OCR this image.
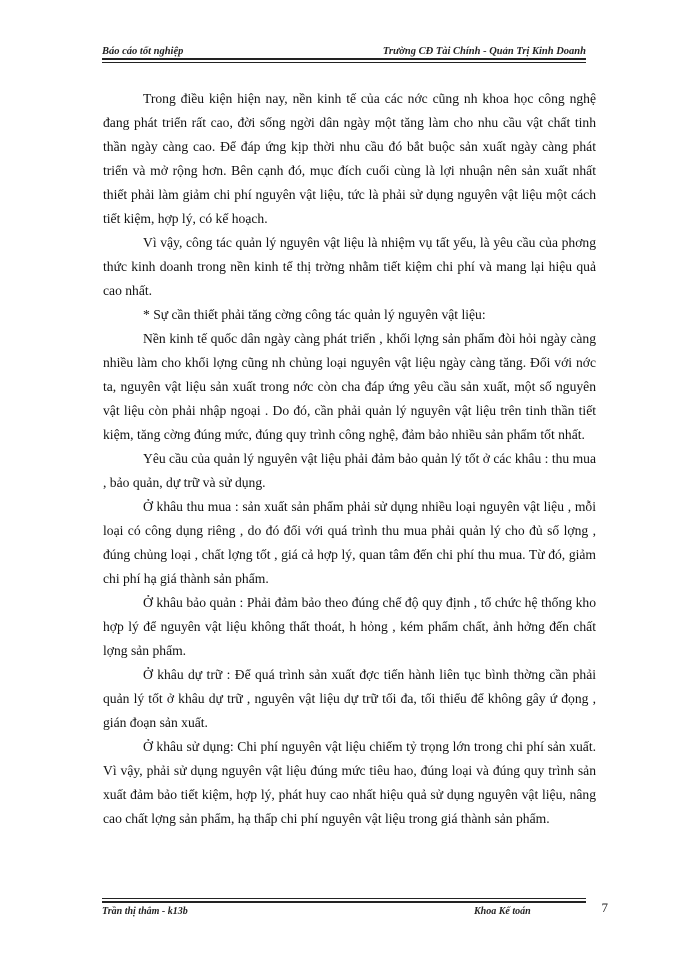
Báo cáo tốt nghiệp	Trường CĐ Tài Chính - Quản Trị Kinh Doanh

Trong điều kiện hiện nay, nền kinh tế của các nớc cũng nh khoa học công nghệ đang phát triển rất cao, đời sống ngời dân ngày một tăng làm cho nhu cầu vật chất tinh thần ngày càng cao. Để đáp ứng kịp thời nhu cầu đó bắt buộc sản xuất ngày càng phát triển và mở rộng hơn. Bên cạnh đó, mục đích cuối cùng là lợi nhuận nên sản xuất nhất thiết phải làm giảm chi phí nguyên vật liệu, tức là phải sử dụng nguyên vật liệu một cách tiết kiệm, hợp lý, có kế hoạch.

Vì vậy, công tác quản lý nguyên vật liệu là nhiệm vụ tất yếu, là yêu cầu của phơng thức kinh doanh trong nền kinh tế thị trờng nhằm tiết kiệm chi phí và mang lại hiệu quả cao nhất.

* Sự cần thiết phải tăng cờng công tác quản lý nguyên vật liệu:

Nền kinh tế quốc dân ngày càng phát triển , khối lợng sản phẩm đòi hỏi ngày càng nhiều làm cho khối lợng cũng nh chủng loại nguyên vật liệu ngày càng tăng. Đối với nớc ta, nguyên vật liệu sản xuất trong nớc còn cha đáp ứng yêu cầu sản xuất, một số nguyên vật liệu còn phải nhập ngoại . Do đó, cần phải quản lý nguyên vật liệu trên tinh thần tiết kiệm, tăng cờng đúng mức, đúng quy trình công nghệ, đảm bảo nhiều sản phẩm tốt nhất.

Yêu cầu của quản lý nguyên vật liệu phải đảm bảo quản lý tốt ở các khâu : thu mua , bảo quản, dự trữ và sử dụng.

Ở khâu thu mua : sản xuất sản phẩm phải sử dụng nhiều loại nguyên vật liệu , mỗi loại có công dụng riêng , do đó đối với quá trình thu mua phải quản lý cho đủ số lợng , đúng chủng loại , chất lợng tốt , giá cả hợp lý, quan tâm đến chi phí thu mua. Từ đó, giảm chi phí hạ giá thành sản phẩm.

Ở khâu bảo quản : Phải đảm bảo theo đúng chế độ quy định , tổ chức hệ thống kho hợp lý để nguyên vật liệu không thất thoát, h hỏng , kém phẩm chất, ảnh hởng đến chất lợng sản phẩm.

Ở khâu dự trữ : Để quá trình sản xuất đợc tiến hành liên tục bình thờng cần phải quản lý tốt ở khâu dự trữ , nguyên vật liệu dự trữ tối đa, tối thiểu để không gây ứ đọng , gián đoạn sản xuất.

Ở khâu sử dụng: Chi phí nguyên vật liệu chiếm tỷ trọng lớn trong chi phí sản xuất. Vì vậy, phải sử dụng nguyên vật liệu đúng mức tiêu hao, đúng loại và đúng quy trình sản xuất đảm bảo tiết kiệm, hợp lý, phát huy cao nhất hiệu quả sử dụng nguyên vật liệu, nâng cao chất lợng sản phẩm, hạ thấp chi phí nguyên vật liệu trong giá thành sản phẩm.

Trần thị thắm - k13b	Khoa Kế toán	7
